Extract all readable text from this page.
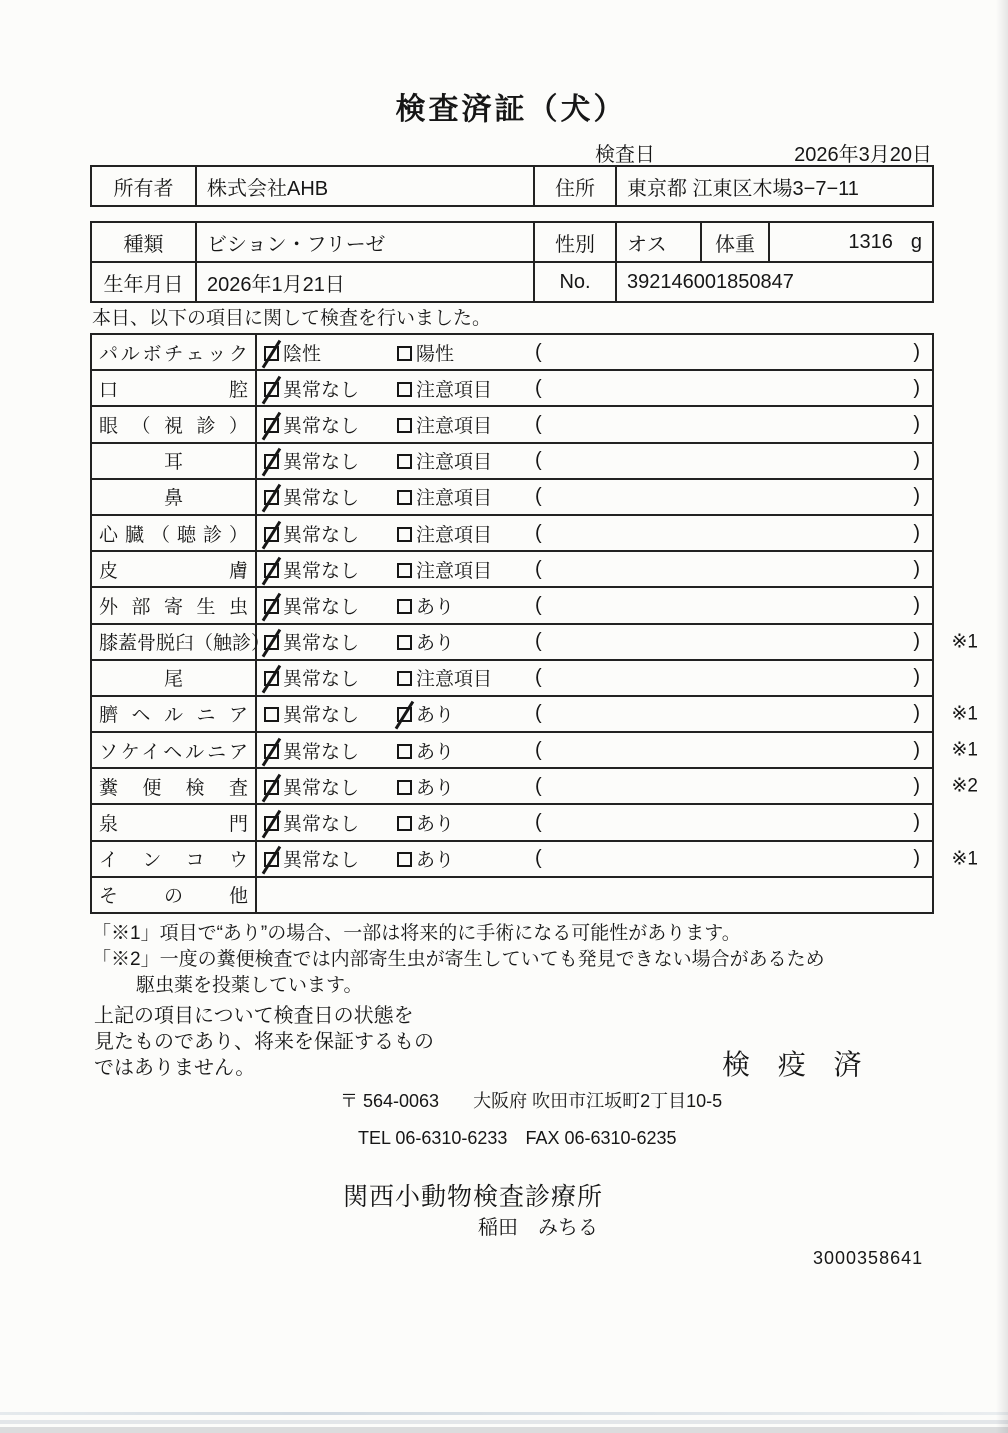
検査済証（犬）
検査日	2026年3月20日
所有者	株式会社AHB	住所	東京都 江東区木場3−7−11
種類	ビション・フリーゼ	性別	オス	体重	1316 g
生年月日	2026年1月21日	No.	392146001850847		
本日、以下の項目に関して検査を行いました。
パルボチェック	陰性 陽性 ( )

口腔	異常なし 注意項目 ( )

眼（視診）	異常なし 注意項目 ( )

耳	異常なし 注意項目 ( )

鼻	異常なし 注意項目 ( )

心臓（聴診）	異常なし 注意項目 ( )

皮膚	異常なし 注意項目 ( )

外部寄生虫	異常なし あり ( )

膝蓋骨脱臼（触診）	異常なし あり ( ) ※1

尾	異常なし 注意項目 ( )

臍ヘルニア	異常なし あり ( ) ※1

ソケイヘルニア	異常なし あり ( ) ※1

糞便検査	異常なし あり ( ) ※2

泉門	異常なし あり ( )

インコウ	異常なし あり ( ) ※1

その他	
「※1」項目で“あり”の場合、一部は将来的に手術になる可能性があります。
「※2」一度の糞便検査では内部寄生虫が寄生していても発見できない場合があるため
駆虫薬を投薬しています。
上記の項目について検査日の状態を
見たものであり、将来を保証するもの
ではありません。	検 疫 済
〒 564-0063 大阪府 吹田市江坂町2丁目10-5
TEL 06-6310-6233 FAX 06-6310-6235
関西小動物検査診療所
稲田　みちる
3000358641
